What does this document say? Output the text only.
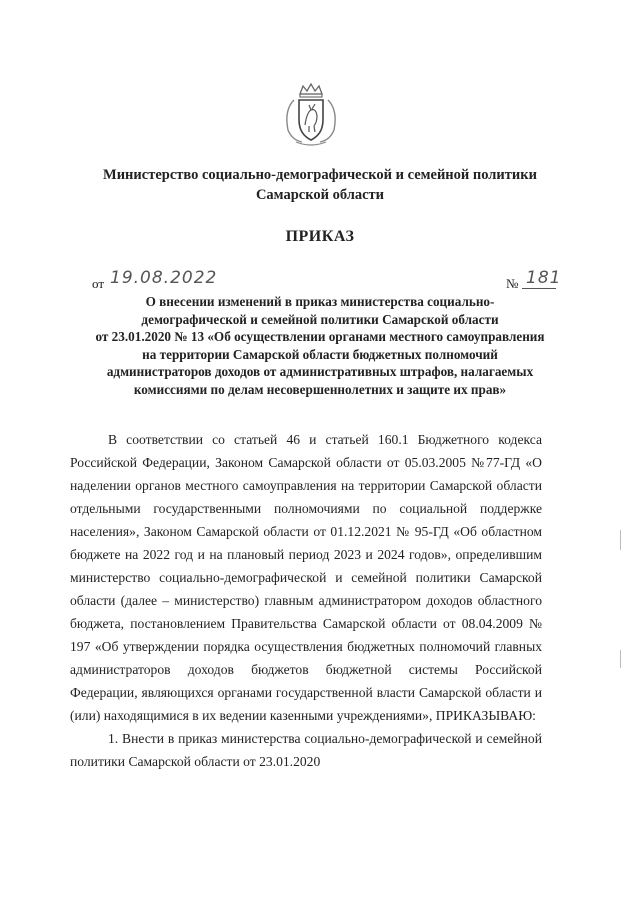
Министерство социально-демографической и семейной политики
Самарской области
ПРИКАЗ
от 19.08.2022	№ 181
О внесении изменений в приказ министерства социально-
демографической и семейной политики Самарской области
от 23.01.2020 № 13 «Об осуществлении органами местного самоуправления
на территории Самарской области бюджетных полномочий
администраторов доходов от административных штрафов, налагаемых
комиссиями по делам несовершеннолетних и защите их прав»

В соответствии со статьей 46 и статьей 160.1 Бюджетного кодекса Российской Федерации, Законом Самарской области от 05.03.2005 №77-ГД «О наделении органов местного самоуправления на территории Самарской области отдельными государственными полномочиями по социальной поддержке населения», Законом Самарской области от 01.12.2021 № 95-ГД «Об областном бюджете на 2022 год и на плановый период 2023 и 2024 годов», определившим министерство социально-демографической и семейной политики Самарской области (далее – министерство) главным администратором доходов областного бюджета, постановлением Правительства Самарской области от 08.04.2009 № 197 «Об утверждении порядка осуществления бюджетных полномочий главных администраторов доходов бюджетов бюджетной системы Российской Федерации, являющихся органами государственной власти Самарской области и (или) находящимися в их ведении казенными учреждениями», ПРИКАЗЫВАЮ:

1. Внести в приказ министерства социально-демографической и семейной политики Самарской области от 23.01.2020
